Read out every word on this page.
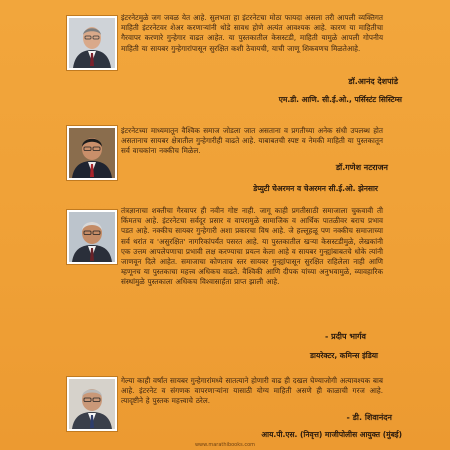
इंटरनेटमुळे जग जवळ येत आहे. सुलभता हा इंटरनेटचा मोठा फायदा असला तरी आपली व्यक्तिगत माहिती इंटरनेटवर शेअर करणाऱ्यांनी थोडे सावध होणे अत्यंत आवश्यक आहे. कारण या माहितीचा गैरवापर करणारे गुन्हेगार वाढत आहेत. या पुस्तकातील केसस्टडी, माहिती यामुळे आपली गोपनीय माहिती या सायबर गुन्हेगारांपासून सुरक्षित कशी ठेवायची, याची जाणू शिकवणच मिळतेआहे.

डॉ.आनंद देशपांडे
एम.डी. आणि. सी.ई.ओ., पर्सिस्टंट सिस्टिम्स

इंटरनेटच्या माध्यमातून वैश्विक समाज जोडला जात असताना व प्रगतीच्या अनेक संधी उपलब्ध होत असतानाच सायबर क्षेत्रातील गुन्हेगारीही वाढते आहे. याबाबतची स्पष्ट व नेमकी माहिती या पुस्तकातून सर्व वाचकांना नक्कीच मिळेल.

डॉ.गणेश नटराजन
डेप्युटी चेअरमन व चेअरमन सी.ई.ओ. झेनसार

तंत्रज्ञानाचा शक्तीचा गैरवापर ही नवीन गोष्ट नाही. जागू काही प्रगतीसाठी समाजाला चुकवावी ती किंमतच आहे. इंटरनेटचा सर्वदूर प्रसार व वापरामुळे सामाजिक व आर्थिक पातळीवर बराच प्रभाव पडत आहे. नक्कीच सायबर गुन्हेगारी अशा प्रकारचा विष आहे. जे हल्लूहळू पण नक्कीच समाजाच्या सर्व थरांत व 'असुरक्षित' नागरिकांपर्यंत पसरत आहे. या पुस्तकातील खऱ्या केसस्टडीमुळे, लेखकांनी एक उत्तम आपलेपणाचा प्रभावी लक्ष करण्याचा प्रयत्न केला आहे व सायबर गुन्ह्यांबाबतचे धोके त्यांनी जाणवून दिले आहेत. समाजाचा कोणताच स्तर सायबर गुन्ह्यांपासून सुरक्षित राहिलेला नाही आणि म्हणूनच या पुस्तकाचा महत्त्व अधिकच वाढते. वैश्विकी आणि दीपक यांच्या अनुभवामुळे, व्यावहारिक संस्थांमुळे पुस्तकाला अधिकच विश्वासार्हता प्राप्त झाली आहे.

- प्रदीप भार्गव
डायरेक्टर, कमिन्स इंडिया

गेल्या काही वर्षांत सायबर गुन्हेगारांमध्ये सातत्याने होणारी वाढ ही दखल घेण्याजोगी अत्यावश्यक बाब आहे. इंटरनेट व संगणक वापरणाऱ्यांना यासाठी योग्य माहिती असणे ही काळाची गरज आहे. त्यादृष्टीने हे पुस्तक महत्त्वाचे ठरेल.

- डी. शिवानंदन
आय.पी.एस. (निवृत्त) माजीपोलीस आयुक्त (मुंबई)
www.marathibooks.com
